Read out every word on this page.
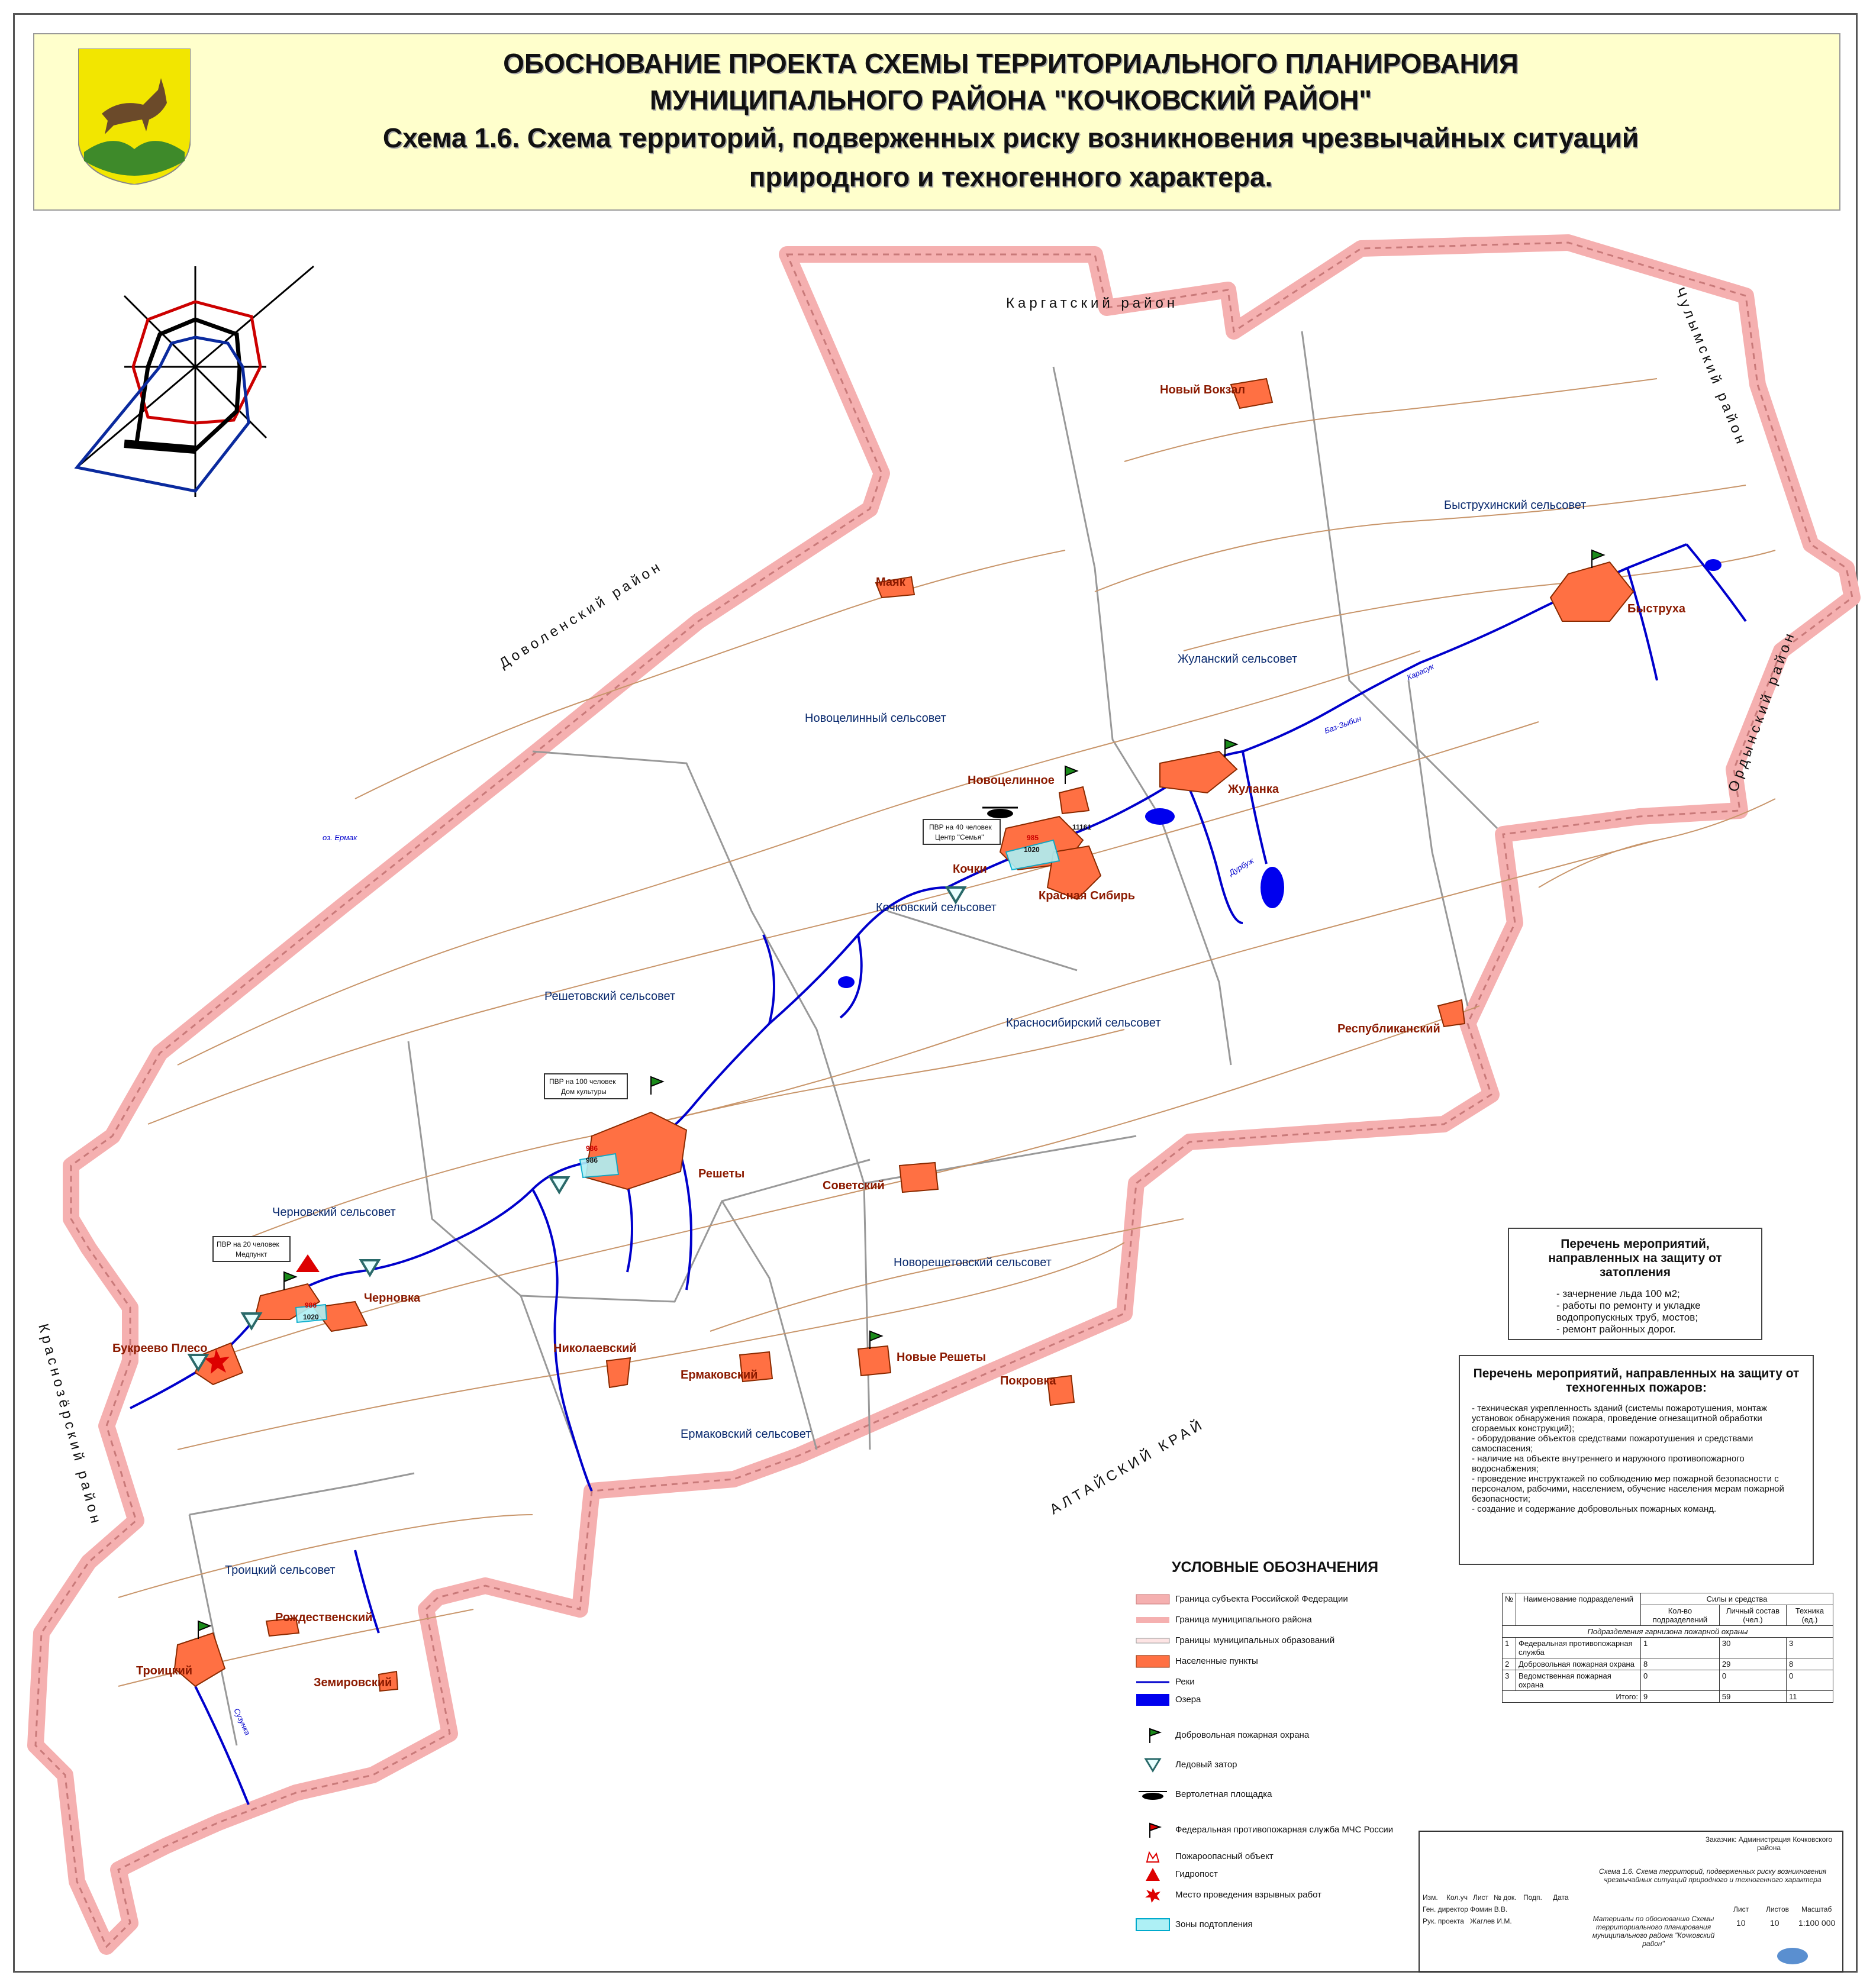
ОБОСНОВАНИЕ ПРОЕКТА СХЕМЫ ТЕРРИТОРИАЛЬНОГО ПЛАНИРОВАНИЯ
МУНИЦИПАЛЬНОГО РАЙОНА "КОЧКОВСКИЙ РАЙОН"
Схема 1.6. Схема территорий, подверженных риску возникновения чрезвычайных ситуаций
природного и техногенного характера.
Каргатский район	Чулымский район
Ордынский район
Доволенский район
Краснозёрский район	АЛТАЙСКИЙ КРАЙ
Быструхинский сельсовет
Жуланский сельсовет
Новоцелинный сельсовет
Решетовский сельсовет
Кочковский сельсовет
Красносибирский сельсовет
Черновский сельсовет
Новорешетовский сельсовет
Ермаковский сельсовет
Троицкий сельсовет
Новый Вокзал
Маяк
Быструха
Жуланка
Новоцелинное
Кочки
Красная Сибирь
Республиканский
Решеты
Советский
Черновка
Букреево Плесо	Николаевский
Ермаковский
Новые Решеты
Покровка
Рождественский
Троицкий
Земировский
оз. Ермак
Карасук
Баз-Зыбин
Дурбуж
Сузунка
ПВР на 40 человек
Центр "Семья"
ПВР на 100 человек
Дом культуры
ПВР на 20 человек
Медпункт
985
1020
11161
986
986
986
1020
Перечень мероприятий, направленных на защиту от затопления
- зачернение льда 100 м2;
- работы по ремонту и укладке водопропускных труб, мостов;
- ремонт районных дорог.
Перечень мероприятий, направленных на защиту от техногенных пожаров:
- техническая укрепленность зданий (системы пожаротушения, монтаж установок обнаружения пожара, проведение огнезащитной обработки сгораемых конструкций);
- оборудование объектов средствами пожаротушения и средствами самоспасения;
- наличие на объекте внутреннего и наружного противопожарного водоснабжения;
- проведение инструктажей по соблюдению мер пожарной безопасности с персоналом, рабочими, населением, обучение населения мерам пожарной безопасности;
- создание и содержание добровольных пожарных команд.
УСЛОВНЫЕ ОБОЗНАЧЕНИЯ
Граница субъекта Российской Федерации
Граница муниципального района
Границы муниципальных образований
Населенные пункты
Реки
Озера
Добровольная пожарная охрана
Ледовый затор
Вертолетная площадка
Федеральная противопожарная служба МЧС России
Пожароопасный объект
Гидропост
Место проведения взрывных работ
Зоны подтопления
№	Наименование подразделений	Силы и средства		
		Кол-во подразделений	Личный состав (чел.)	Техника (ед.)
Подразделения гарнизона пожарной охраны				
1	Федеральная противопожарная служба	1	30	3
2	Добровольная пожарная охрана	8	29	8
3	Ведомственная пожарная охрана	0	0	0
Итого:		9	59	11
Заказчик: Администрация Кочковского района
Схема 1.6. Схема территорий, подверженных риску возникновения чрезвычайных ситуаций природного и техногенного характера
Изм. Кол.уч Лист № док. Подп. Дата
Ген. директор Фомин В.В.
Рук. проекта Жаглев И.М.	Материалы по обоснованию Схемы территориального планирования муниципального района "Кочковский район"
Лист Листов Масштаб
10	10 1:100 000
